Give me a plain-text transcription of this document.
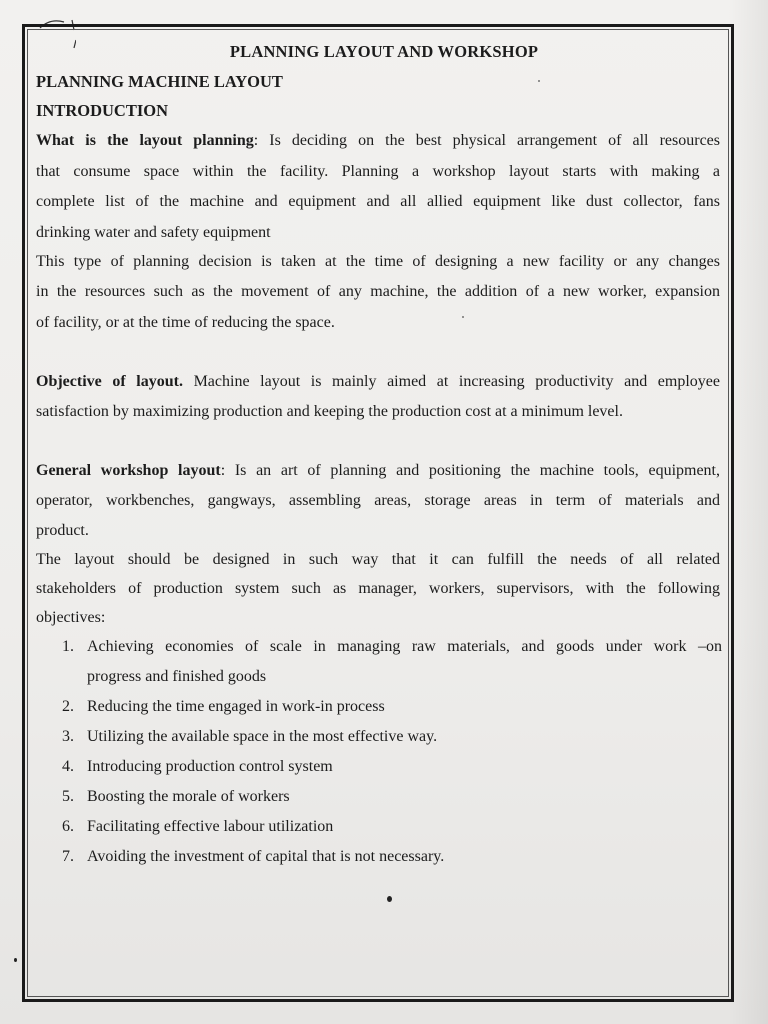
PLANNING LAYOUT AND WORKSHOP
PLANNING MACHINE LAYOUT
INTRODUCTION
What is the layout planning: Is deciding on the best physical arrangement of all resources
that consume space within the facility. Planning a workshop layout starts with making a
complete list of the machine and equipment and all allied equipment like dust collector, fans
drinking water and safety equipment
This type of planning decision is taken at the time of designing a new facility or any changes
in the resources such as the movement of any machine, the addition of a new worker, expansion
of facility, or at the time of reducing the space.
Objective of layout. Machine layout is mainly aimed at increasing productivity and employee
satisfaction by maximizing production and keeping the production cost at a minimum level.
General workshop layout: Is an art of planning and positioning the machine tools, equipment,
operator, workbenches, gangways, assembling areas, storage areas in term of materials and
product.
The layout should be designed in such way that it can fulfill the needs of all related
stakeholders of production system such as manager, workers, supervisors, with the following
objectives:
1. Achieving economies of scale in managing raw materials, and goods under work –on
progress and finished goods
2. Reducing the time engaged in work-in process
3. Utilizing the available space in the most effective way.
4. Introducing production control system
5. Boosting the morale of workers
6. Facilitating effective labour utilization
7. Avoiding the investment of capital that is not necessary.
